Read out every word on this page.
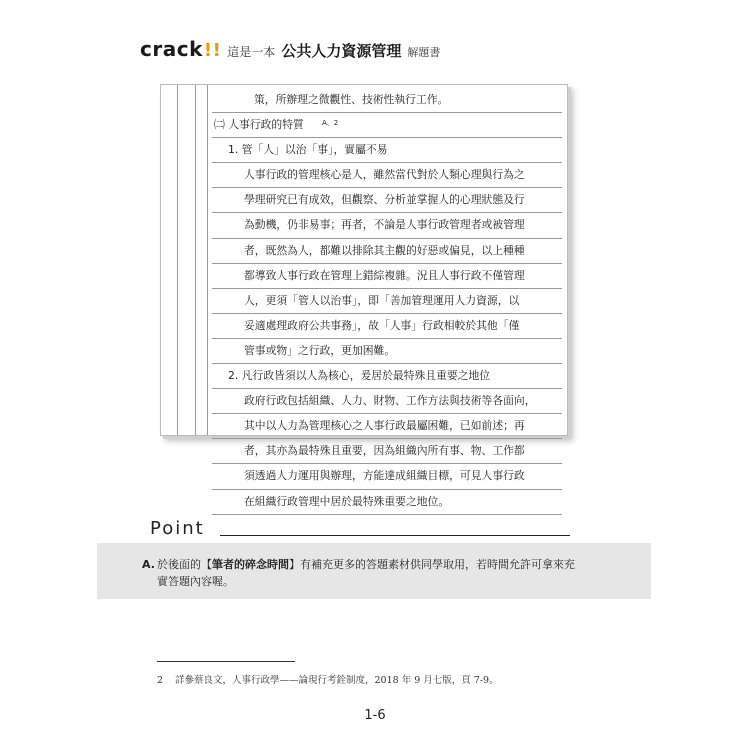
crack!! 這是一本 公共人力資源管理 解題書
策，所辦理之微觀性、技術性執行工作。
㈡ 人事行政的特質	A、2
1. 管「人」以治「事」，實屬不易
人事行政的管理核心是人，雖然當代對於人類心理與行為之
學理研究已有成效，但觀察、分析並掌握人的心理狀態及行
為動機，仍非易事；再者，不論是人事行政管理者或被管理
者，既然為人，都難以排除其主觀的好惡或偏見，以上種種
都導致人事行政在管理上錯綜複雜。況且人事行政不僅管理
人，更須「管人以治事」，即「善加管理運用人力資源，以
妥適處理政府公共事務」，故「人事」行政相較於其他「僅
管事或物」之行政，更加困難。
2. 凡行政皆須以人為核心，爰居於最特殊且重要之地位
政府行政包括組織、人力、財物、工作方法與技術等各面向，
其中以人力為管理核心之人事行政最屬困難，已如前述；再
者，其亦為最特殊且重要，因為組織內所有事、物、工作都
須透過人力運用與辦理，方能達成組織目標，可見人事行政
在組織行政管理中居於最特殊重要之地位。
Point
A. 於後面的【筆者的碎念時間】有補充更多的答題素材供同學取用，若時間允許可拿來充
實答題內容喔。
2 詳參蔡良文，人事行政學——論現行考銓制度，2018 年 9 月七版，頁 7-9。
1-6
